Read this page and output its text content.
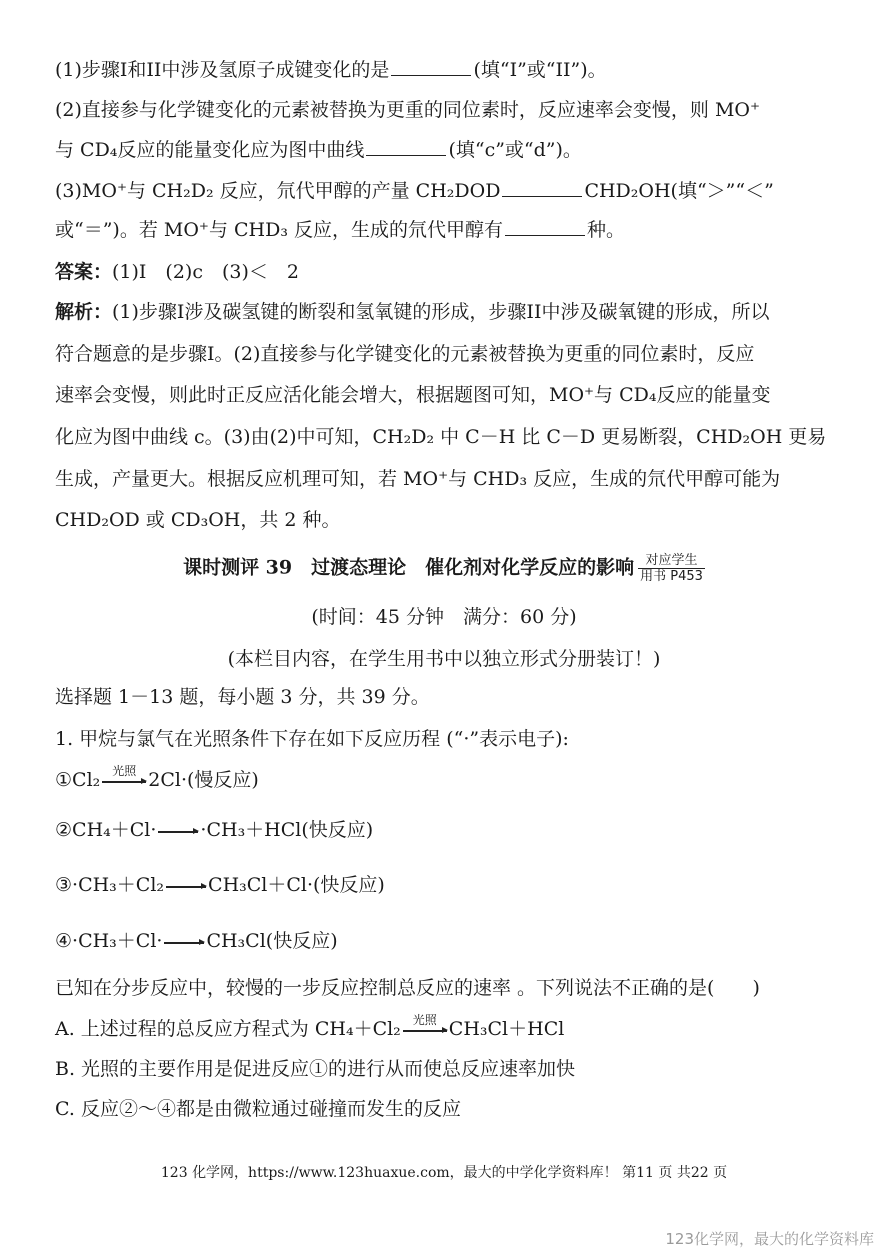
(1)步骤I和II中涉及氢原子成键变化的是	(填“I”或“II”)。
(2)直接参与化学键变化的元素被替换为更重的同位素时，反应速率会变慢，则 MO⁺
与 CD₄反应的能量变化应为图中曲线	(填“c”或“d”)。
(3)MO⁺与 CH₂D₂ 反应，氘代甲醇的产量 CH₂DOD	CHD₂OH(填“＞”“＜”
或“＝”)。若 MO⁺与 CHD₃ 反应，生成的氘代甲醇有	种。
答案：(1)I　(2)c　(3)＜　2
解析：(1)步骤I涉及碳氢键的断裂和氢氧键的形成，步骤II中涉及碳氧键的形成，所以
符合题意的是步骤I。(2)直接参与化学键变化的元素被替换为更重的同位素时，反应
速率会变慢，则此时正反应活化能会增大，根据题图可知，MO⁺与 CD₄反应的能量变
化应为图中曲线 c。(3)由(2)中可知，CH₂D₂ 中 C－H 比 C－D 更易断裂，CHD₂OH 更易
生成，产量更大。根据反应机理可知，若 MO⁺与 CHD₃ 反应，生成的氘代甲醇可能为
CHD₂OD 或 CD₃OH，共 2 种。
课时测评 39　过渡态理论　催化剂对化学反应的影响 $\frac{\text{对应学生}}{\text{用书 P453}}$
(时间：45 分钟　满分：60 分)
(本栏目内容，在学生用书中以独立形式分册装订！)
选择题 1－13 题，每小题 3 分，共 39 分。
1. 甲烷与氯气在光照条件下存在如下反应历程 (“·”表示电子):
①Cl₂ 光照 2Cl·(慢反应)
②CH₄＋Cl· → ·CH₃＋HCl(快反应)
③·CH₃＋Cl₂ → CH₃Cl＋Cl·(快反应)
④·CH₃＋Cl· → CH₃Cl(快反应)
已知在分步反应中，较慢的一步反应控制总反应的速率 。下列说法不正确的是(　　)
A. 上述过程的总反应方程式为 CH₄＋Cl₂ 光照 CH₃Cl＋HCl
B. 光照的主要作用是促进反应①的进行从而使总反应速率加快
C. 反应②～④都是由微粒通过碰撞而发生的反应
123 化学网，https://www.123huaxue.com，最大的中学化学资料库！ 第11 页 共22 页
123化学网，最大的化学资料库
